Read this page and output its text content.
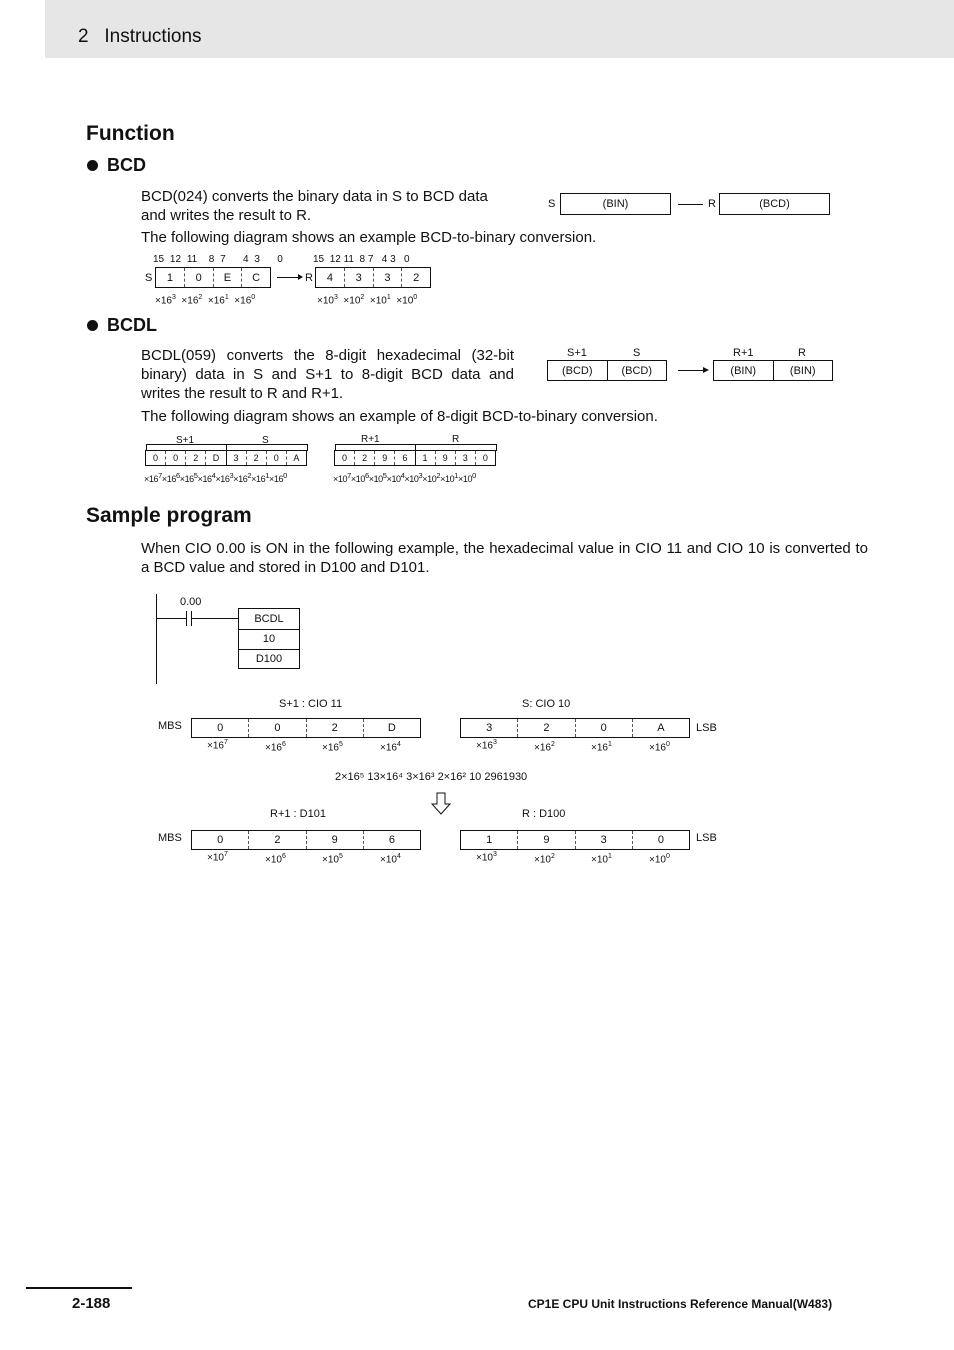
2   Instructions
Function
BCD
BCD(024) converts the binary data in S to BCD data and writes the result to R.
S	(BIN)	R	(BCD)
The following diagram shows an example BCD-to-binary conversion.
15 12 11 8 7 4 3 0
S	1	0	E	C
15 12 11 8 7 4 3 0
R	4	3	3	2
$\times 16^3 \times 16^2 \times 16^1 \times 16^0$	$\times 10^3 \times 10^2 \times 10^1 \times 10^0$
BCDL
BCDL(059) converts the 8-digit hexadecimal (32-bit binary) data in S and S+1 to 8-digit BCD data and writes the result to R and R+1.
S+1	S
(BCD)	(BCD)
R+1	R
(BIN)	(BIN)
The following diagram shows an example of 8-digit BCD-to-binary conversion.
S+1	S
0	0	2	D	3	2	0	A
R+1	R
0	2	9	6	1	9	3	0
$\times 16^7\times 16^6\times 16^5\times 16^4\times 16^3\times 16^2\times 16^1\times 16^0$	$\times 10^7\times 10^6\times 10^5\times 10^4\times 10^3\times 10^2\times 10^1\times 10^0$
Sample program
When CIO 0.00 is ON in the following example, the hexadecimal value in CIO 11 and CIO 10 is converted to a BCD value and stored in D100 and D101.
0.00
BCDL
10
D100
S+1 : CIO 11	S: CIO 10
MBS	0	0	2	D	3	2	0	A	LSB
$\times 16^7$	$\times 16^6$	$\times 16^5$	$\times 16^4$	$\times 16^3$	$\times 16^2$	$\times 16^1$	$\times 16^0$
2×16⁵ 13×16⁴ 3×16³ 2×16² 10 2961930
R+1 : D101	R : D100
MBS	0	2	9	6	1	9	3	0	LSB
$\times 10^7$	$\times 10^6$	$\times 10^5$	$\times 10^4$	$\times 10^3$	$\times 10^2$	$\times 10^1$	$\times 10^0$
2-188	CP1E CPU Unit Instructions Reference Manual(W483)
